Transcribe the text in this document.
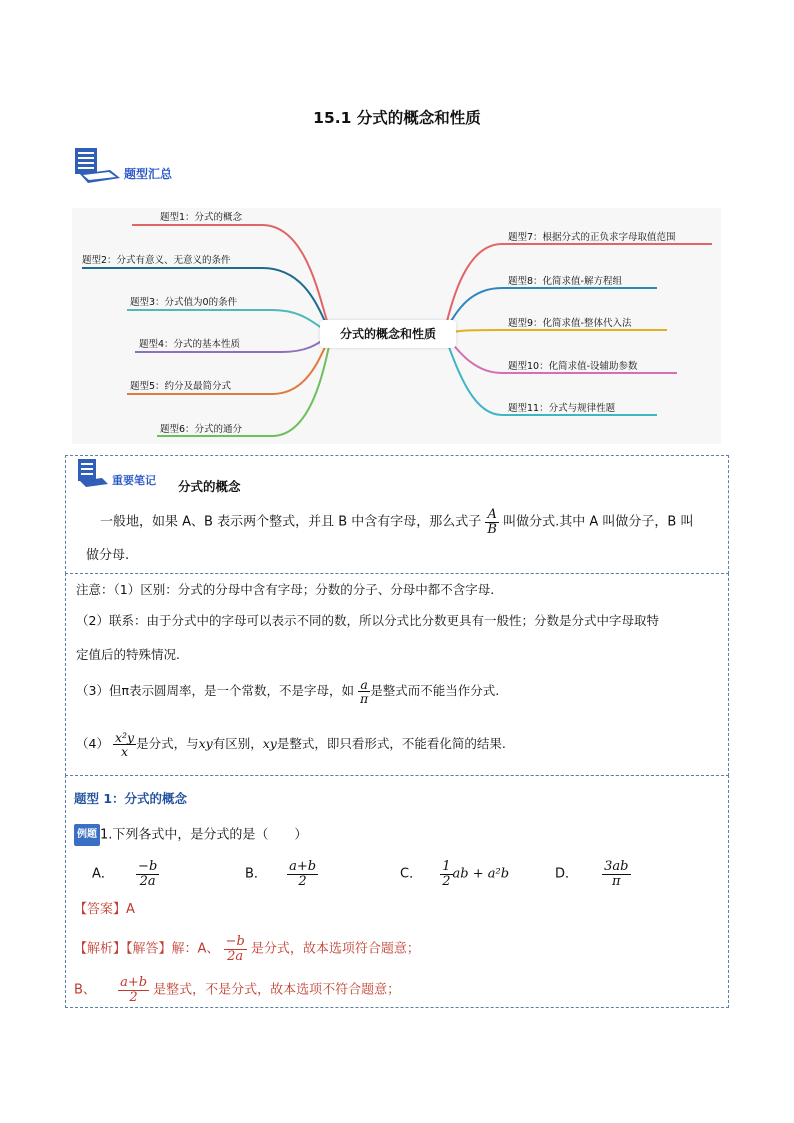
15.1 分式的概念和性质
题型汇总
题型1：分式的概念
题型2：分式有意义、无意义的条件
题型3：分式值为0的条件
题型4：分式的基本性质
题型5：约分及最简分式
题型6：分式的通分
题型7：根据分式的正负求字母取值范围
题型8：化简求值-解方程组
题型9：化简求值-整体代入法
题型10：化简求值-设辅助参数
题型11：分式与规律性题
分式的概念和性质
重要笔记 分式的概念
一般地，如果 A、B 表示两个整式，并且 B 中含有字母，那么式子 $\frac{A}{B}$ 叫做分式.其中 A 叫做分子，B 叫
做分母.
注意：（1）区别：分式的分母中含有字母；分数的分子、分母中都不含字母.
（2）联系：由于分式中的字母可以表示不同的数，所以分式比分数更具有一般性；分数是分式中字母取特
定值后的特殊情况.
（3）但π表示圆周率，是一个常数，不是字母，如 $\frac{a}{\pi}$ 是整式而不能当作分式.
$(4) \frac{\text{x²y}}{x}$ 是分式，与xy有区别，xy是整式，即只看形式，不能看化简的结果.
题型 1：分式的概念
例题 1.下列各式中，是分式的是（　　）
A． $\frac{-b}{2a}$	B． $\frac{a+b}{2}$	C． $\frac{1}{2}$ ab + a²b	D． $\frac{3ab}{\pi}$
【答案】A
【解析】【解答】解：A、 $\frac{-b}{2a}$ 是分式，故本选项符合题意；
B、 $\frac{a+b}{2}$ 是整式，不是分式，故本选项不符合题意；
